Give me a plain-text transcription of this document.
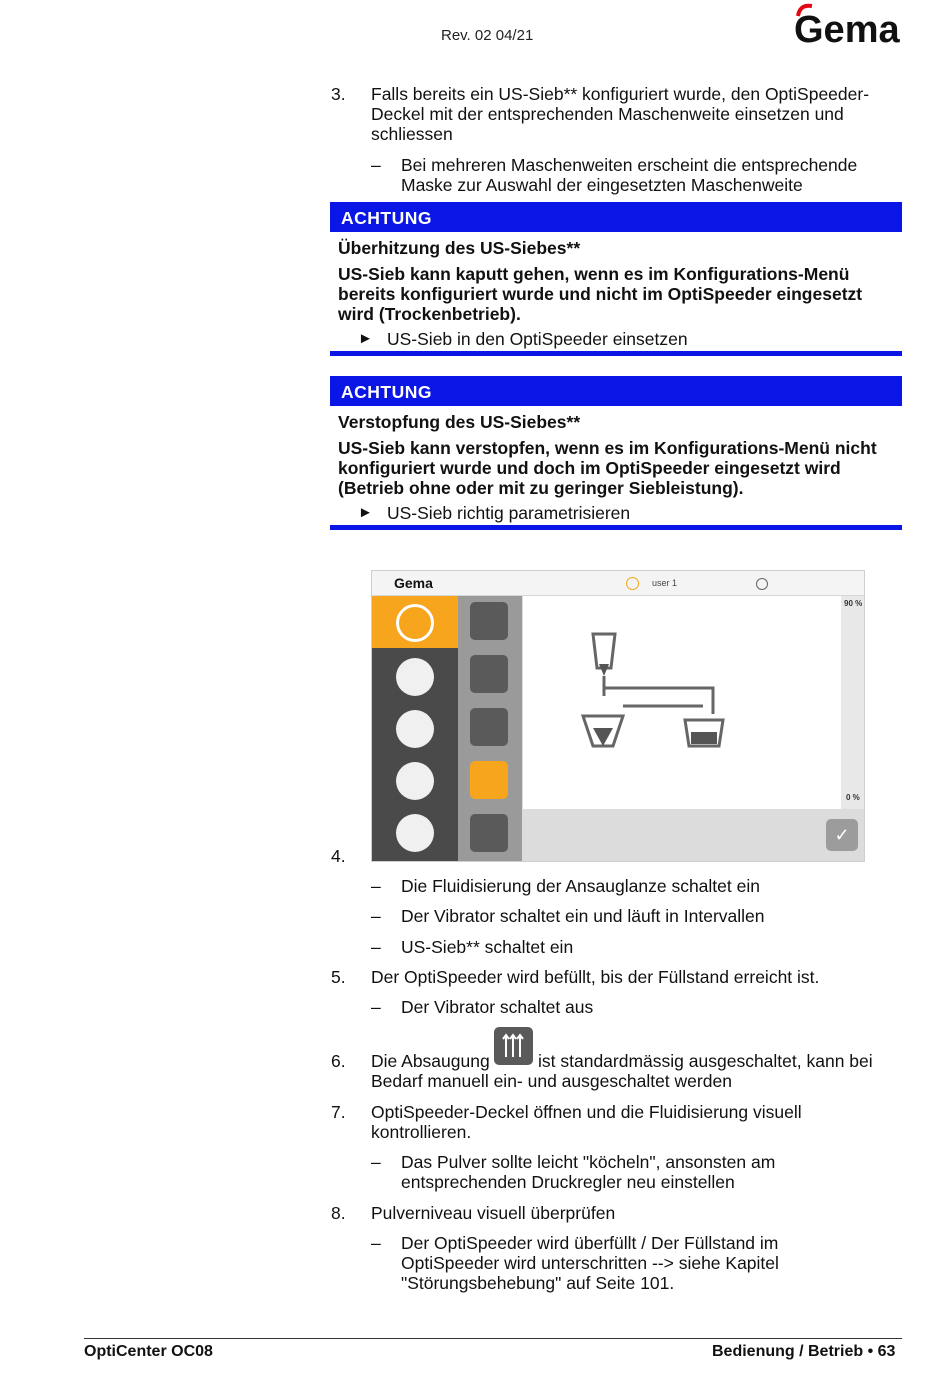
Rev. 02 04/21	Gema
3. Falls bereits ein US-Sieb** konfiguriert wurde, den OptiSpeeder-Deckel mit der entsprechenden Maschenweite einsetzen und schliessen
– Bei mehreren Maschenweiten erscheint die entsprechende Maske zur Auswahl der eingesetzten Maschenweite
ACHTUNG
Überhitzung des US-Siebes**
US-Sieb kann kaputt gehen, wenn es im Konfigurations-Menü bereits konfiguriert wurde und nicht im OptiSpeeder eingesetzt wird (Trockenbetrieb).
► US-Sieb in den OptiSpeeder einsetzen
ACHTUNG
Verstopfung des US-Siebes**
US-Sieb kann verstopfen, wenn es im Konfigurations-Menü nicht konfiguriert wurde und doch im OptiSpeeder eingesetzt wird (Betrieb ohne oder mit zu geringer Siebleistung).
► US-Sieb richtig parametrisieren
4.
Gema	user 1
90 %
0 %
✓
– Die Fluidisierung der Ansauglanze schaltet ein
– Der Vibrator schaltet ein und läuft in Intervallen
– US-Sieb** schaltet ein
5. Der OptiSpeeder wird befüllt, bis der Füllstand erreicht ist.
– Der Vibrator schaltet aus
6. Die Absaugung	ist standardmässig ausgeschaltet, kann bei
Bedarf manuell ein- und ausgeschaltet werden
7. OptiSpeeder-Deckel öffnen und die Fluidisierung visuell kontrollieren.
– Das Pulver sollte leicht "köcheln", ansonsten am entsprechenden Druckregler neu einstellen
8. Pulverniveau visuell überprüfen
– Der OptiSpeeder wird überfüllt / Der Füllstand im OptiSpeeder wird unterschritten --> siehe Kapitel "Störungsbehebung" auf Seite 101.
OptiCenter OC08	Bedienung / Betrieb • 63
